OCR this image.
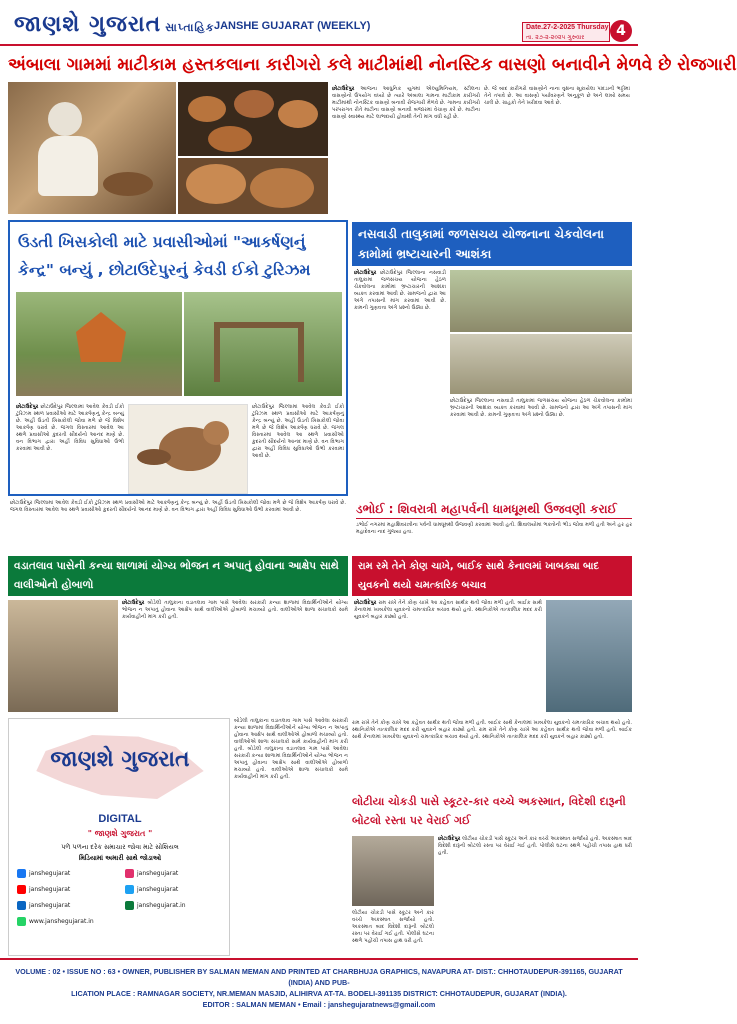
જાણશે ગુજરાત સાપ્તાહિક JANSHE GUJARAT (WEEKLY)	Date.27-2-2025 Thursday
તા. ૨૭-૨-૨૦૨૫ ગુરુવાર	4
અંબાલા ગામમાં માટીકામ હસ્તકલાના કારીગરો કલે માટીમાંથી નોનસ્ટિક વાસણો બનાવીને મેળવે છે રોજગારી
છોટાઉદેપુર આજના આધુનિક યુગમાં એલ્યુમિનિયમ, સ્ટીલના વાસણોનો ઉપયોગ વધ્યો છે ત્યારે અંબાલા ગામના માટીકામ કારીગરો માટીમાંથી નોનસ્ટિક વાસણો બનાવી રોજગારી મેળવે છે. ગામના કારીગરો પરંપરાગત રીતે માટીના વાસણો બનાવી બજારમાં વેચાણ કરે છે. માટીના વાસણો સ્વાસ્થ્ય માટે લાભદાયી હોવાથી તેની માંગ વધી રહી છે.
છે. જે બાદ કારીગરો વાસણોને નાના વૃક્ષના સૂકાયેલા પાંદડાની ભઠ્ઠીમાં તેને તપાવે છે. આ વાસણો પર્યાવરણને અનુકૂળ છે અને લાંબો સમય ચાલે છે. ગ્રાહકો તેને ખરીદવા આવે છે.
ઉડતી ખિસકોલી માટે પ્રવાસીઓમાં "આકર્ષણનું કેન્દ્ર" બન્યું , છોટાઉદેપુરનું કેવડી ઈકો ટુરિઝમ
છોટાઉદેપુર છોટાઉદેપુર જિલ્લામાં આવેલ કેવડી ઈકો ટુરિઝમ સ્થળ પ્રવાસીઓ માટે આકર્ષણનું કેન્દ્ર બન્યું છે. અહીં ઉડતી ખિસકોલી જોવા મળે છે જે વિશેષ આકર્ષણ ધરાવે છે. જંગલ વિસ્તારમાં આવેલ આ સ્થળે પ્રવાસીઓ કુદરતી સૌંદર્યનો આનંદ માણે છે. વન વિભાગ દ્વારા અહીં વિવિધ સુવિધાઓ ઉભી કરવામાં આવી છે.
છોટાઉદેપુર જિલ્લામાં આવેલ કેવડી ઈકો ટુરિઝમ સ્થળ પ્રવાસીઓ માટે આકર્ષણનું કેન્દ્ર બન્યું છે. અહીં ઉડતી ખિસકોલી જોવા મળે છે જે વિશેષ આકર્ષણ ધરાવે છે. જંગલ વિસ્તારમાં આવેલ આ સ્થળે પ્રવાસીઓ કુદરતી સૌંદર્યનો આનંદ માણે છે. વન વિભાગ દ્વારા અહીં વિવિધ સુવિધાઓ ઉભી કરવામાં આવી છે.
નસવાડી તાલુકામાં જળસચય યોજનાના ચેકવોલના કામોમાં ભ્રષ્ટાચારની આશંકા
છોટાઉદેપુર છોટાઉદેપુર જિલ્લાના નસવાડી તાલુકામાં જળસંચય યોજના હેઠળ ચેકવોલના કામોમાં ભ્રષ્ટાચારની આશંકા વ્યક્ત કરવામાં આવી છે. ગ્રામજનો દ્વારા આ અંગે તપાસની માંગ કરવામાં આવી છે. કામની ગુણવત્તા અંગે પ્રશ્નો ઉઠ્યા છે.
છોટાઉદેપુર જિલ્લાના નસવાડી તાલુકામાં જળસંચય યોજના હેઠળ ચેકવોલના કામોમાં ભ્રષ્ટાચારની આશંકા વ્યક્ત કરવામાં આવી છે. ગ્રામજનો દ્વારા આ અંગે તપાસની માંગ કરવામાં આવી છે. કામની ગુણવત્તા અંગે પ્રશ્નો ઉઠ્યા છે.
ડભોઈ : શિવરાત્રી મહાપર્વની ધામધૂમથી ઉજવણી કરાઈ
ડભોઈ નગરમાં મહાશિવરાત્રીના પર્વની ધામધૂમથી ઉજવણી કરવામાં આવી હતી. શિવાલયોમાં ભક્તોની ભીડ જોવા મળી હતી અને હર હર મહાદેવના નાદ ગુંજ્યા હતા.
છોટાઉદેપુર જિલ્લામાં આવેલ કેવડી ઈકો ટુરિઝમ સ્થળ પ્રવાસીઓ માટે આકર્ષણનું કેન્દ્ર બન્યું છે. અહીં ઉડતી ખિસકોલી જોવા મળે છે જે વિશેષ આકર્ષણ ધરાવે છે. જંગલ વિસ્તારમાં આવેલ આ સ્થળે પ્રવાસીઓ કુદરતી સૌંદર્યનો આનંદ માણે છે. વન વિભાગ દ્વારા અહીં વિવિધ સુવિધાઓ ઉભી કરવામાં આવી છે.
વડાતલાવ પાસેની કન્યા શાળામાં યોગ્ય ભોજન ન અપાતું હોવાના આક્ષેપ સાથે વાલીઓનો હોબાળો
છોટાઉદેપુર બોડેલી તાલુકાના વડાતલાવ ગામ પાસે આવેલા સરકારી કન્યા શાળામાં વિદ્યાર્થિનીઓને યોગ્ય ભોજન ન અપાતું હોવાના આક્ષેપ સાથે વાલીઓએ હોબાળો મચાવ્યો હતો. વાલીઓએ શાળા સંચાલકો સામે કાર્યવાહીની માંગ કરી હતી.
રામ રમે તેને કોણ ચાખે, બાઈક સાથે કેનાલમાં ખાબક્યા બાદ યુવકનો થયો ચમત્કારિક બચાવ
છોટાઉદેપુર રામ રાખે તેને કોણ ચાખે આ કહેવત સાર્થક થતી જોવા મળી હતી. બાઈક સાથે કેનાલમાં ખાબકેલા યુવકનો ચમત્કારિક બચાવ થયો હતો. સ્થાનિકોએ તાત્કાલિક મદદ કરી યુવકને બહાર કાઢ્યો હતો.
જાણશે ગુજરાત
DIGITAL
" જાણશે ગુજરાત "
પળે પળના દરેક સમાચાર જોવા માટે સોશિયલ
મિડિયામાં અમારી સાથે જોડાઓ
janshegujarat	janshegujarat
janshegujarat	janshegujarat
janshegujarat	janshegujarat.in
www.janshegujarat.in
બોડેલી તાલુકાના વડાતલાવ ગામ પાસે આવેલા સરકારી કન્યા શાળામાં વિદ્યાર્થિનીઓને યોગ્ય ભોજન ન અપાતું હોવાના આક્ષેપ સાથે વાલીઓએ હોબાળો મચાવ્યો હતો. વાલીઓએ શાળા સંચાલકો સામે કાર્યવાહીની માંગ કરી હતી. બોડેલી તાલુકાના વડાતલાવ ગામ પાસે આવેલા સરકારી કન્યા શાળામાં વિદ્યાર્થિનીઓને યોગ્ય ભોજન ન અપાતું હોવાના આક્ષેપ સાથે વાલીઓએ હોબાળો મચાવ્યો હતો. વાલીઓએ શાળા સંચાલકો સામે કાર્યવાહીની માંગ કરી હતી.
રામ રાખે તેને કોણ ચાખે આ કહેવત સાર્થક થતી જોવા મળી હતી. બાઈક સાથે કેનાલમાં ખાબકેલા યુવકનો ચમત્કારિક બચાવ થયો હતો. સ્થાનિકોએ તાત્કાલિક મદદ કરી યુવકને બહાર કાઢ્યો હતો. રામ રાખે તેને કોણ ચાખે આ કહેવત સાર્થક થતી જોવા મળી હતી. બાઈક સાથે કેનાલમાં ખાબકેલા યુવકનો ચમત્કારિક બચાવ થયો હતો. સ્થાનિકોએ તાત્કાલિક મદદ કરી યુવકને બહાર કાઢ્યો હતો.
લોટીયા ચોકડી પાસે સ્કૂટર-કાર વચ્ચે અકસ્માત, વિદેશી દારૂની બોટલો રસ્તા પર વેરાઈ ગઈ
છોટાઉદેપુર લોટીયા ચોકડી પાસે સ્કૂટર અને કાર વચ્ચે અકસ્માત સર્જાયો હતો. અકસ્માત બાદ વિદેશી દારૂની બોટલો રસ્તા પર વેરાઈ ગઈ હતી. પોલીસે ઘટના સ્થળે પહોંચી તપાસ હાથ ધરી હતી.
લોટીયા ચોકડી પાસે સ્કૂટર અને કાર વચ્ચે અકસ્માત સર્જાયો હતો. અકસ્માત બાદ વિદેશી દારૂની બોટલો રસ્તા પર વેરાઈ ગઈ હતી. પોલીસે ઘટના સ્થળે પહોંચી તપાસ હાથ ધરી હતી.
VOLUME : 02 • ISSUE NO : 63 • OWNER, PUBLISHER BY SALMAN MEMAN AND PRINTED AT CHARBHUJA GRAPHICS, NAVAPURA AT- DIST.: CHHOTAUDEPUR-391165, GUJARAT (INDIA) AND PUB-
LICATION PLACE : RAMNAGAR SOCIETY, NR.MEMAN MASJID, ALIHIRVA AT-TA. BODELI-391135 DISTRICT: CHHOTAUDEPUR, GUJARAT (INDIA).
EDITOR : SALMAN MEMAN • Email : janshegujaratnews@gmail.com
